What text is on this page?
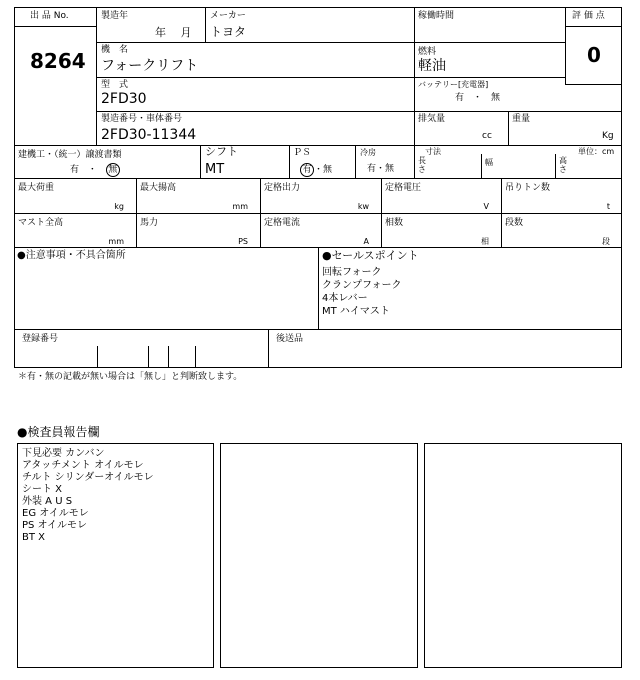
出 品 No.
8264
評 価 点
0
製造年
年　 月
メーカー
トヨタ
稼働時間
機　名
フォークリフト
燃料
軽油
型　式
2FD30
バッテリー[充電器]
有　・　無
製造番号・車体番号
2FD30-11344
排気量
cc
重量
Kg
建機工・（統一）譲渡書類
有 ・ 無
シフト
MT
ＰＳ
有 ・無
冷房
有・無
寸法	単位：cm
長
さ
幅	高
さ
最大荷重
kg
最大揚高
mm
定格出力
kw
定格電圧
V
吊りトン数
t
マスト全高
mm
馬力
PS
定格電流
A
相数
相
段数
段
●注意事項・不具合箇所	●セールスポイント
回転フォーク
クランプフォーク
4本レバー
MT ハイマスト
登録番号	後送品
＊有・無の記載が無い場合は「無し」と判断致します。
●検査員報告欄
下見必要 カンバン
アタッチメント オイルモレ
チルト シリンダーオイルモレ
シート X
外装 A U S
EG オイルモレ
PS オイルモレ
BT X
